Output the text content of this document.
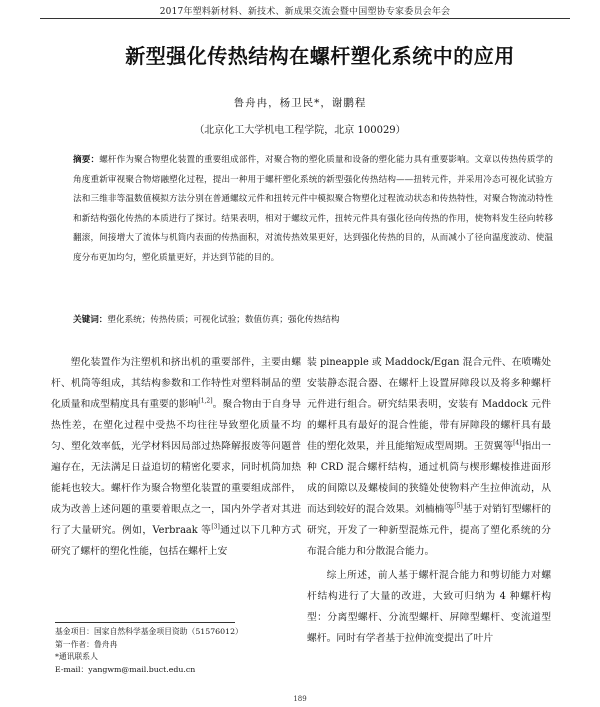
2017年塑料新材料、新技术、新成果交流会暨中国塑协专家委员会年会
新型强化传热结构在螺杆塑化系统中的应用
鲁舟冉，杨卫民*，谢鹏程
（北京化工大学机电工程学院，北京 100029）
摘要：螺杆作为聚合物塑化装置的重要组成部件，对聚合物的塑化质量和设备的塑化能力具有重要影响。文章以传热传质学的角度重新审视聚合物熔融塑化过程，提出一种用于螺杆塑化系统的新型强化传热结构——扭转元件，并采用冷态可视化试验方法和三维非等温数值模拟方法分别在普通螺纹元件和扭转元件中模拟聚合物塑化过程流动状态和传热特性，对聚合物流动特性和新结构强化传热的本质进行了探讨。结果表明，相对于螺纹元件，扭转元件具有强化径向传热的作用，使物料发生径向转移翻滚，间接增大了流体与机筒内表面的传热面积，对流传热效果更好，达到强化传热的目的，从而减小了径向温度波动、使温度分布更加均匀，塑化质量更好，并达到节能的目的。
关键词：塑化系统；传热传质；可视化试验；数值仿真；强化传热结构

塑化装置作为注塑机和挤出机的重要部件，主要由螺杆、机筒等组成，其结构参数和工作特性对塑料制品的塑化质量和成型精度具有重要的影响[1,2]。聚合物由于自身导热性差，在塑化过程中受热不均往往导致塑化质量不均匀、塑化效率低，光学材料因局部过热降解报废等问题普遍存在，无法满足日益追切的精密化要求，同时机筒加热能耗也较大。螺杆作为聚合物塑化装置的重要组成部件，成为改善上述问题的重要着眼点之一，国内外学者对其进行了大量研究。例如，Verbraak 等[3]通过以下几种方式研究了螺杆的塑化性能，包括在螺杆上安

装 pineapple 或 Maddock/Egan 混合元件、在喷嘴处安装静态混合器、在螺杆上设置屏障段以及将多种螺杆元件进行组合。研究结果表明，安装有 Maddock 元件的螺杆具有最好的混合性能，带有屏障段的螺杆具有最佳的塑化效果，并且能缩短成型周期。王贺翼等[4]指出一种 CRD 混合螺杆结构，通过机筒与楔形螺棱推进面形成的间隙以及螺棱间的狭缝处使物料产生拉伸流动，从而达到较好的混合效果。刘楠楠等[5]基于对销钉型螺杆的研究，开发了一种新型混炼元件，提高了塑化系统的分布混合能力和分散混合能力。

综上所述，前人基于螺杆混合能力和剪切能力对螺杆结构进行了大量的改进，大致可归纳为 4 种螺杆构型：分离型螺杆、分流型螺杆、屏障型螺杆、变流道型螺杆。同时有学者基于拉伸流变提出了叶片

基金项目：国家自然科学基金项目资助（51576012）
第一作者：鲁舟冉
*通讯联系人
E-mail：yangwm@mail.buct.edu.cn
189
